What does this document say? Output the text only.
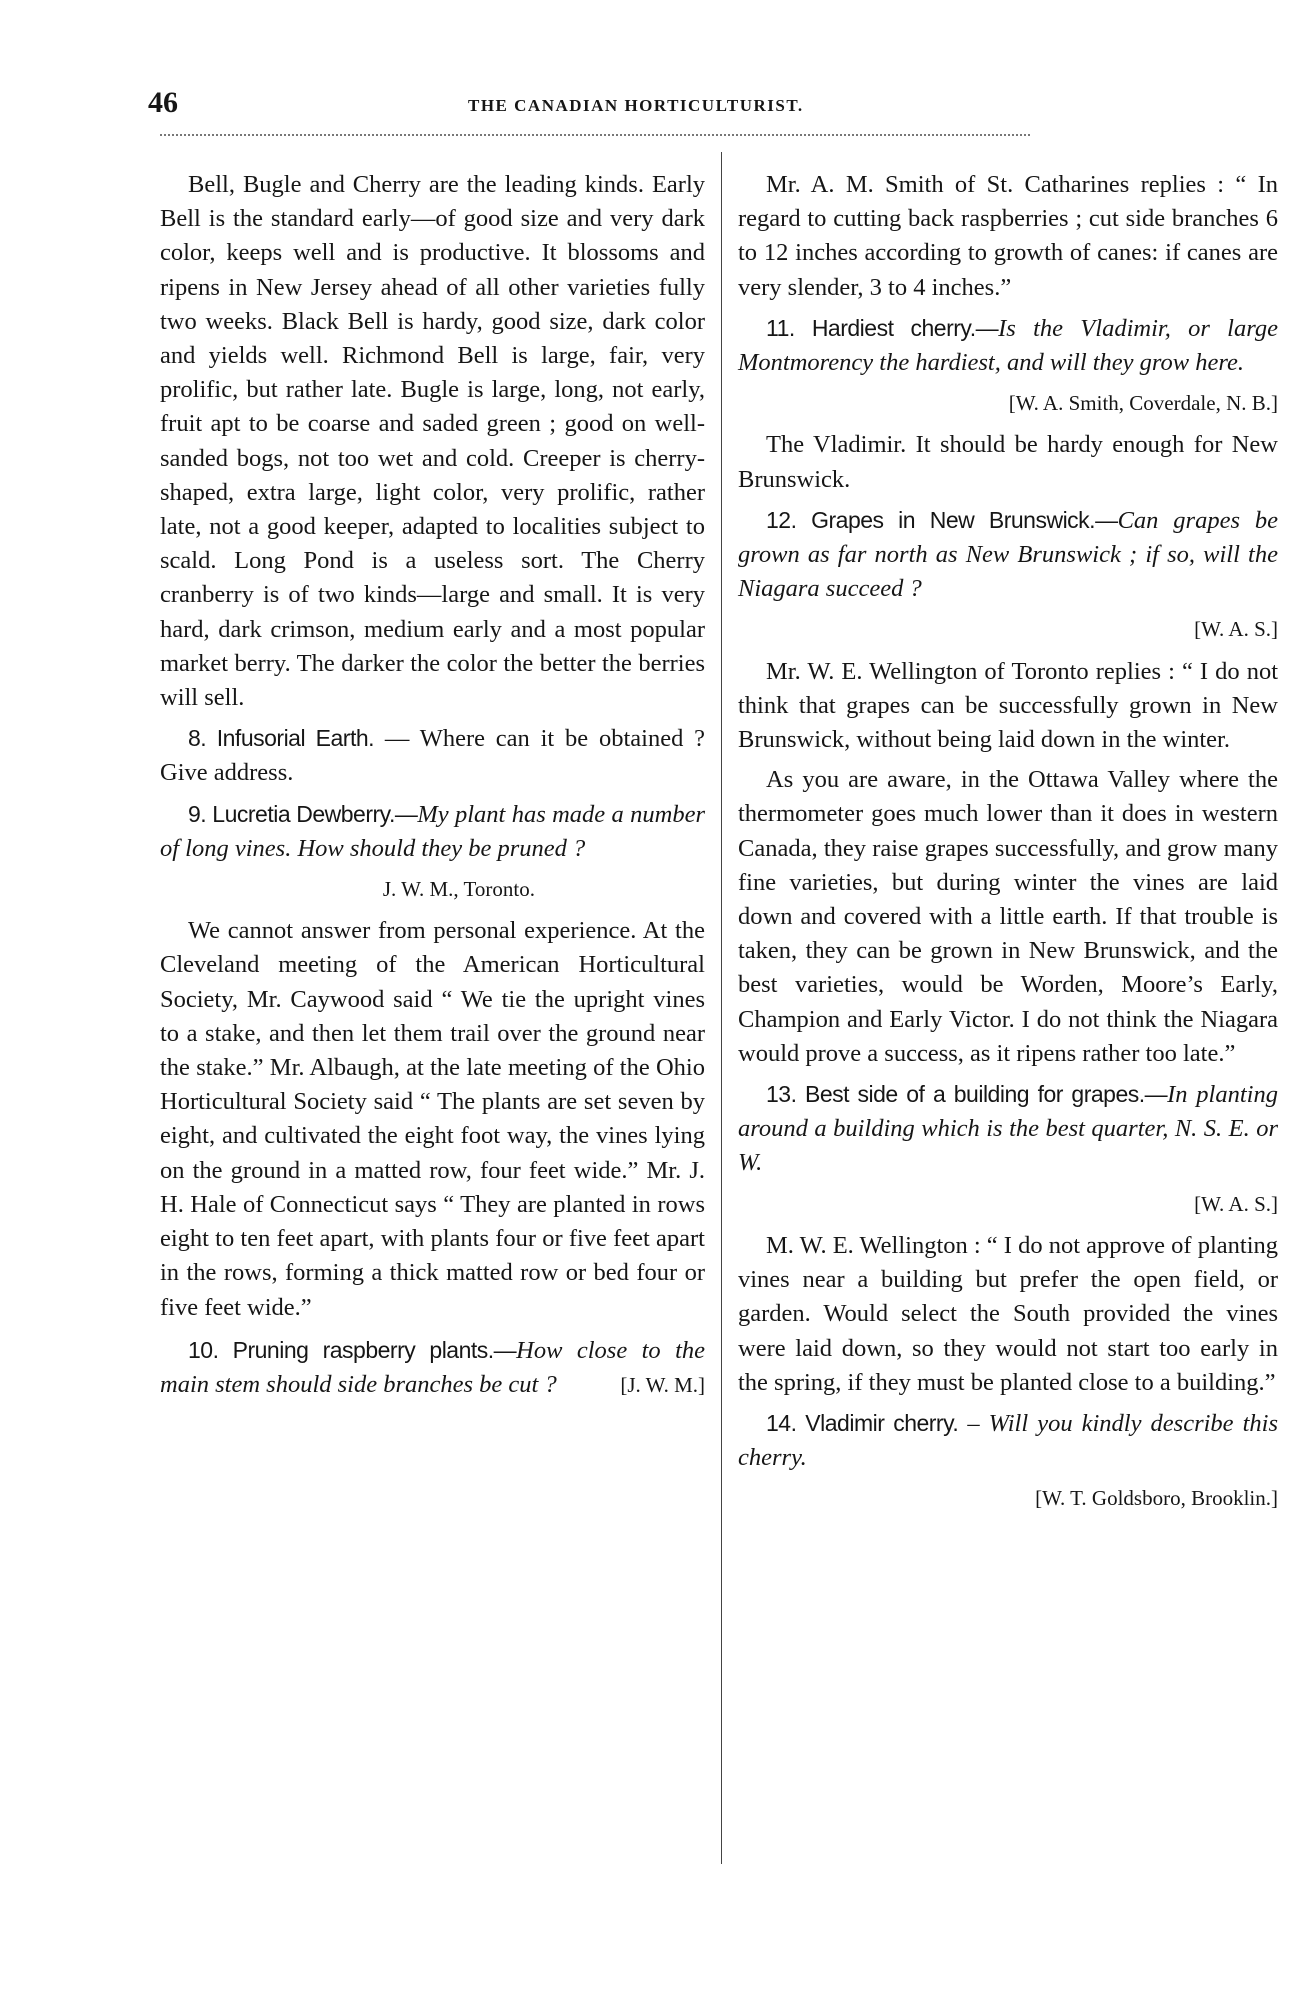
46	THE CANADIAN HORTICULTURIST.

Bell, Bugle and Cherry are the leading kinds. Early Bell is the standard early—of good size and very dark color, keeps well and is productive. It blossoms and ripens in New Jersey ahead of all other varieties fully two weeks. Black Bell is hardy, good size, dark color and yields well. Richmond Bell is large, fair, very prolific, but rather late. Bugle is large, long, not early, fruit apt to be coarse and saded green ; good on well-sanded bogs, not too wet and cold. Creeper is cherry-shaped, extra large, light color, very prolific, rather late, not a good keeper, adapted to localities subject to scald. Long Pond is a useless sort. The Cherry cranberry is of two kinds—large and small. It is very hard, dark crimson, medium early and a most popular market berry. The darker the color the better the berries will sell.

8. Infusorial Earth. — Where can it be obtained ? Give address.

9. Lucretia Dewberry.—My plant has made a number of long vines. How should they be pruned ?

J. W. M., Toronto.

We cannot answer from personal experience. At the Cleveland meeting of the American Horticultural Society, Mr. Caywood said “ We tie the upright vines to a stake, and then let them trail over the ground near the stake.” Mr. Albaugh, at the late meeting of the Ohio Horticultural Society said “ The plants are set seven by eight, and cultivated the eight foot way, the vines lying on the ground in a matted row, four feet wide.” Mr. J. H. Hale of Connecticut says “ They are planted in rows eight to ten feet apart, with plants four or five feet apart in the rows, forming a thick matted row or bed four or five feet wide.”

10. Pruning raspberry plants.—How close to the main stem should side branches be cut ?	[J. W. M.]

Mr. A. M. Smith of St. Catharines replies : “ In regard to cutting back raspberries ; cut side branches 6 to 12 inches according to growth of canes: if canes are very slender, 3 to 4 inches.”

11. Hardiest cherry.—Is the Vladimir, or large Montmorency the hardiest, and will they grow here.

[W. A. Smith, Coverdale, N. B.]

The Vladimir. It should be hardy enough for New Brunswick.

12. Grapes in New Brunswick.—Can grapes be grown as far north as New Brunswick ; if so, will the Niagara succeed ?

[W. A. S.]

Mr. W. E. Wellington of Toronto replies : “ I do not think that grapes can be successfully grown in New Brunswick, without being laid down in the winter.

As you are aware, in the Ottawa Valley where the thermometer goes much lower than it does in western Canada, they raise grapes successfully, and grow many fine varieties, but during winter the vines are laid down and covered with a little earth. If that trouble is taken, they can be grown in New Brunswick, and the best varieties, would be Worden, Moore’s Early, Champion and Early Victor. I do not think the Niagara would prove a success, as it ripens rather too late.”

13. Best side of a building for grapes.—In planting around a building which is the best quarter, N. S. E. or W.

[W. A. S.]

M. W. E. Wellington : “ I do not approve of planting vines near a building but prefer the open field, or garden. Would select the South provided the vines were laid down, so they would not start too early in the spring, if they must be planted close to a building.”

14. Vladimir cherry. – Will you kindly describe this cherry.

[W. T. Goldsboro, Brooklin.]
